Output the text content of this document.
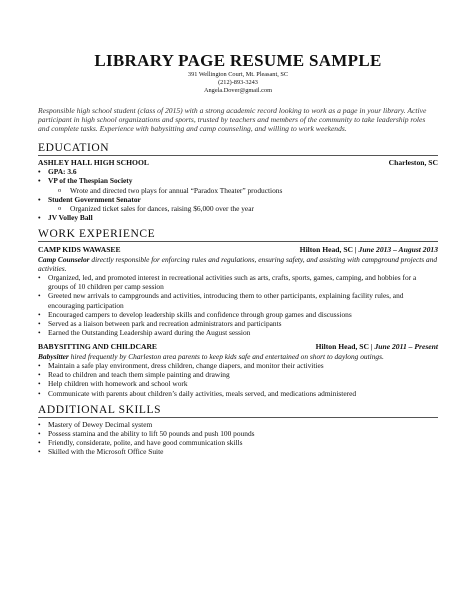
LIBRARY PAGE RESUME SAMPLE
391 Wellington Court, Mt. Pleasant, SC
(212)-893-3243
Angela.Dover@gmail.com
Responsible high school student (class of 2015) with a strong academic record looking to work as a page in your library. Active participant in high school organizations and sports, trusted by teachers and members of the community to take leadership roles and complete tasks. Experience with babysitting and camp counseling, and willing to work weekends.
EDUCATION
ASHLEY HALL HIGH SCHOOL	Charleston, SC
• GPA: 3.6
• VP of the Thespian Society
o Wrote and directed two plays for annual “Paradox Theater” productions
• Student Government Senator
o Organized ticket sales for dances, raising $6,000 over the year
• JV Volley Ball
WORK EXPERIENCE
CAMP KIDS WAWASEE	Hilton Head, SC | June 2013 – August 2013
Camp Counselor directly responsible for enforcing rules and regulations, ensuring safety, and assisting with campground projects and activities.
• Organized, led, and promoted interest in recreational activities such as arts, crafts, sports, games, camping, and hobbies for a groups of 10 children per camp session
• Greeted new arrivals to campgrounds and activities, introducing them to other participants, explaining facility rules, and encouraging participation
• Encouraged campers to develop leadership skills and confidence through group games and discussions
• Served as a liaison between park and recreation administrators and participants
• Earned the Outstanding Leadership award during the August session
BABYSITTING AND CHILDCARE	Hilton Head, SC | June 2011 – Present
Babysitter hired frequently by Charleston area parents to keep kids safe and entertained on short to daylong outings.
• Maintain a safe play environment, dress children, change diapers, and monitor their activities
• Read to children and teach them simple painting and drawing
• Help children with homework and school work
• Communicate with parents about children’s daily activities, meals served, and medications administered
ADDITIONAL SKILLS
• Mastery of Dewey Decimal system
• Possess stamina and the ability to lift 50 pounds and push 100 pounds
• Friendly, considerate, polite, and have good communication skills
• Skilled with the Microsoft Office Suite
